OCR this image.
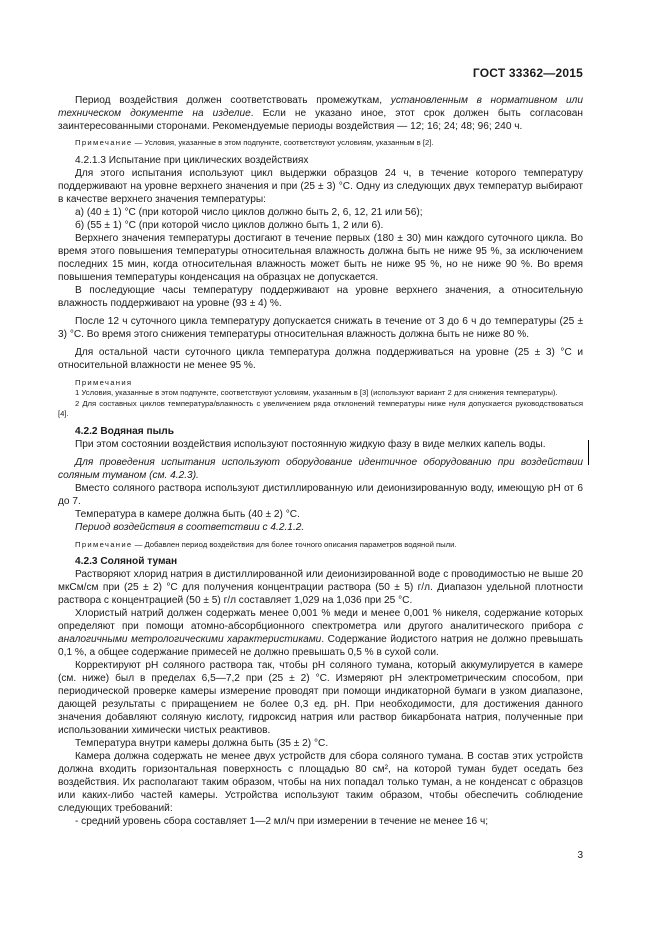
ГОСТ 33362—2015

Период воздействия должен соответствовать промежуткам, установленным в нормативном или техническом документе на изделие. Если не указано иное, этот срок должен быть согласован заинтересованными сторонами. Рекомендуемые периоды воздействия — 12; 16; 24; 48; 96; 240 ч.

Примечание — Условия, указанные в этом подпункте, соответствуют условиям, указанным в [2].

4.2.1.3 Испытание при циклических воздействиях

Для этого испытания используют цикл выдержки образцов 24 ч, в течение которого температуру поддерживают на уровне верхнего значения и при (25 ± 3) °C. Одну из следующих двух температур выбирают в качестве верхнего значения температуры:

а) (40 ± 1) °C (при которой число циклов должно быть 2, 6, 12, 21 или 56);

б) (55 ± 1) °C (при которой число циклов должно быть 1, 2 или 6).

Верхнего значения температуры достигают в течение первых (180 ± 30) мин каждого суточного цикла. Во время этого повышения температуры относительная влажность должна быть не ниже 95 %, за исключением последних 15 мин, когда относительная влажность может быть не ниже 95 %, но не ниже 90 %. Во время повышения температуры конденсация на образцах не допускается.

В последующие часы температуру поддерживают на уровне верхнего значения, а относительную влажность поддерживают на уровне (93 ± 4) %.

После 12 ч суточного цикла температуру допускается снижать в течение от 3 до 6 ч до температуры (25 ± 3) °C. Во время этого снижения температуры относительная влажность должна быть не ниже 80 %.

Для остальной части суточного цикла температура должна поддерживаться на уровне (25 ± 3) °C и относительной влажности не менее 95 %.

Примечания

1 Условия, указанные в этом подпункте, соответствуют условиям, указанным в [3] (используют вариант 2 для снижения температуры).

2 Для составных циклов температура/влажность с увеличением ряда отклонений температуры ниже нуля допускается руководствоваться [4].

4.2.2 Водяная пыль

При этом состоянии воздействия используют постоянную жидкую фазу в виде мелких капель воды.

Для проведения испытания используют оборудование идентичное оборудованию при воздействии соляным туманом (см. 4.2.3).

Вместо соляного раствора используют дистиллированную или деионизированную воду, имеющую pH от 6 до 7.

Температура в камере должна быть (40 ± 2) °C.

Период воздействия в соответствии с 4.2.1.2.

Примечание — Добавлен период воздействия для более точного описания параметров водяной пыли.

4.2.3 Соляной туман

Растворяют хлорид натрия в дистиллированной или деионизированной воде с проводимостью не выше 20 мкСм/см при (25 ± 2) °C для получения концентрации раствора (50 ± 5) г/л. Диапазон удельной плотности раствора с концентрацией (50 ± 5) г/л составляет 1,029 на 1,036 при 25 °C.

Хлористый натрий должен содержать менее 0,001 % меди и менее 0,001 % никеля, содержание которых определяют при помощи атомно-абсорбционного спектрометра или другого аналитического прибора с аналогичными метрологическими характеристиками. Содержание йодистого натрия не должно превышать 0,1 %, а общее содержание примесей не должно превышать 0,5 % в сухой соли.

Корректируют pH соляного раствора так, чтобы pH соляного тумана, который аккумулируется в камере (см. ниже) был в пределах 6,5—7,2 при (25 ± 2) °C. Измеряют pH электрометрическим способом, при периодической проверке камеры измерение проводят при помощи индикаторной бумаги в узком диапазоне, дающей результаты с приращением не более 0,3 ед. pH. При необходимости, для достижения данного значения добавляют соляную кислоту, гидроксид натрия или раствор бикарбоната натрия, полученные при использовании химически чистых реактивов.

Температура внутри камеры должна быть (35 ± 2) °C.

Камера должна содержать не менее двух устройств для сбора соляного тумана. В состав этих устройств должна входить горизонтальная поверхность с площадью 80 см², на которой туман будет оседать без воздействия. Их располагают таким образом, чтобы на них попадал только туман, а не конденсат с образцов или каких-либо частей камеры. Устройства используют таким образом, чтобы обеспечить соблюдение следующих требований:

- средний уровень сбора составляет 1—2 мл/ч при измерении в течение не менее 16 ч;

3
